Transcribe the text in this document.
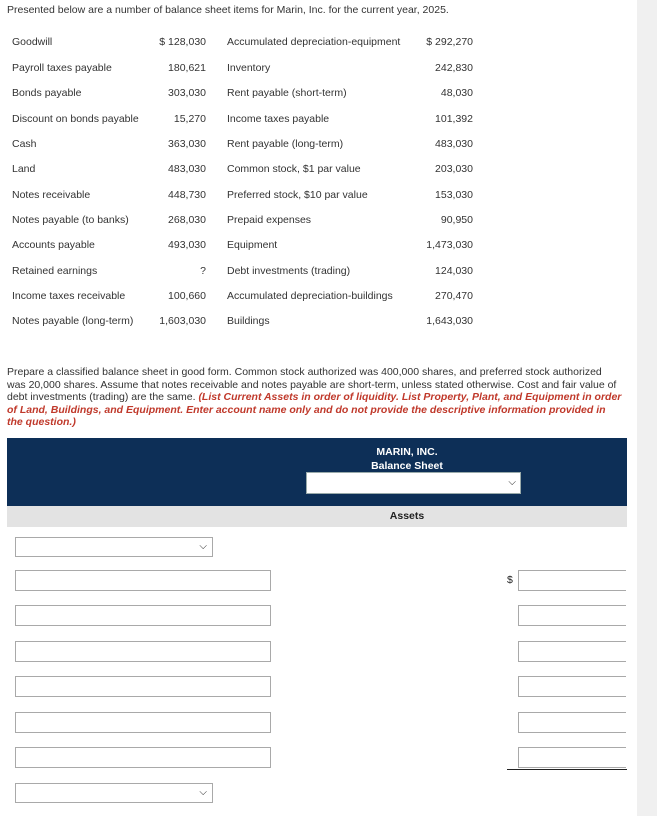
Presented below are a number of balance sheet items for Marin, Inc. for the current year, 2025.
Goodwill	$ 128,030 Accumulated depreciation-equipment	$ 292,270
Payroll taxes payable	180,621 Inventory	242,830
Bonds payable	303,030 Rent payable (short-term)	48,030
Discount on bonds payable	15,270 Income taxes payable	101,392
Cash	363,030 Rent payable (long-term)	483,030
Land	483,030 Common stock, $1 par value	203,030
Notes receivable	448,730 Preferred stock, $10 par value	153,030
Notes payable (to banks)	268,030 Prepaid expenses	90,950
Accounts payable	493,030 Equipment	1,473,030
Retained earnings	? Debt investments (trading)	124,030
Income taxes receivable	100,660 Accumulated depreciation-buildings	270,470
Notes payable (long-term)	1,603,030 Buildings	1,643,030
Prepare a classified balance sheet in good form. Common stock authorized was 400,000 shares, and preferred stock authorized was 20,000 shares. Assume that notes receivable and notes payable are short-term, unless stated otherwise. Cost and fair value of debt investments (trading) are the same. (List Current Assets in order of liquidity. List Property, Plant, and Equipment in order of Land, Buildings, and Equipment. Enter account name only and do not provide the descriptive information provided in the question.)
MARIN, INC.
Balance Sheet
⌵
Assets
⌵
$
⌵
